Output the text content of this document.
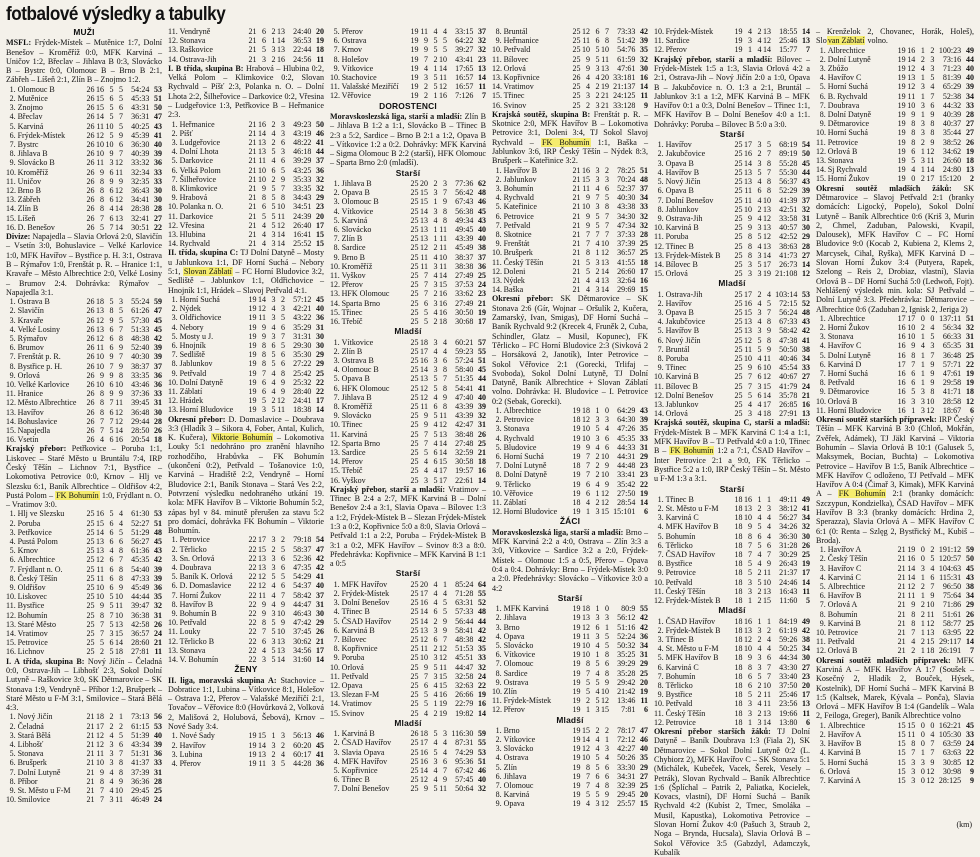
fotbalové výsledky a tabulky
MUŽI
MSFL: Frýdek-Místek – Mutěnice 1:7, Dolní Benešov – Kroměříž 0:0, MFK Karviná – Uničov 1:2, Břeclav – Jihlava B 0:3, Slovácko B – Bystrc 0:0, Olomouc B – Brno B 2:1, Zábřeh – Líšeň 2:1, Zlín B – Znojmo 1:2.
1.	Olomouc B	26	16	5	5	54:24	53
2.	Mutěnice	26	15	6	5	45:33	51
3.	Znojmo	26	15	5	6	43:31	50
4.	Břeclav	26	14	5	7	36:31	47
5.	Karviná	26	11	10	5	40:25	43
6.	Frýdek-Místek	26	12	5	9	45:39	41
7.	Bystrc	26	10	10	6	36:30	40
8.	Jihlava B	26	10	9	7	40:39	39
9.	Slovácko B	26	11	3	12	33:32	36
10.	Kroměříž	26	9	6	11	32:34	33
11.	Uničov	26	8	9	9	32:35	33
12.	Brno B	26	8	6	12	36:43	30
13.	Zábřeh	26	8	6	12	34:41	30
14.	Zlín B	26	8	4	14	28:38	28
15.	Líšeň	26	7	6	13	32:41	27
16.	D. Benešov	26	5	7	14	30:51	22
Divize: Napajedla – Slavia Orlová 2:0, Slavičín – Vsetín 3:0, Bohuslavice – Velké Karlovice 1:0, MFK Havířov – Bystřice p. H. 3:1, Ostrava B – Rýmařov 1:0, Frenštát p. R. – Hranice 1:1, Kravaře – Město Albrechtice 2:0, Velké Losiny – Brumov 2:4. Dohrávka: Rýmařov – Napajedla 3:1.
1.	Ostrava B	26	18	5	3	55:24	59
2.	Slavičín	26	13	8	5	61:26	47
3.	Kravaře	26	12	9	5	57:30	45
4.	Velké Losiny	26	13	6	7	51:33	45
5.	Rýmařov	26	12	6	8	48:38	42
6.	Brumov	26	11	6	9	52:40	39
7.	Frenštát p. R.	26	10	9	7	40:30	39
8.	Bystřice p. H.	26	10	7	9	38:37	37
9.	Orlová	26	9	9	8	33:35	36
10.	Velké Karlovice	26	10	6	10	43:46	36
11.	Hranice	26	8	9	9	37:36	33
12.	Město Albrechtice	26	8	7	11	39:45	31
13.	Havířov	26	8	6	12	36:48	30
14.	Bohuslavice	26	7	7	12	29:44	28
15.	Napajedla	26	7	5	14	28:50	26
16.	Vsetín	26	4	6	16	20:54	18
Krajský přebor: Petřkovice – Poruba 1:1, Liskovec – Staré Město u Bruntálu 7:4, IRP Český Těšín – Lichnov 7:1, Bystřice – Lokomotiva Petrovice 0:0, Krnov – Hlj ve Slezsku 6:1, Baník Albrechtice – Oldřišov 4:2, Pustá Polom – FK Bohumín 1:0, Frýdlant n. O. – Vratimov 3:0.
1.	Hlj ve Slezsku	25	16	5	4	61:30	53
2.	Poruba	25	15	6	4	52:27	51
3.	Petřkovice	25	14	6	5	51:29	48
4.	Pustá Polom	25	13	6	6	56:27	45
5.	Krnov	25	13	4	8	61:36	43
6.	Albrechtice	25	12	6	7	45:35	42
7.	Frýdlant n. O.	25	11	6	8	54:40	39
8.	Český Těšín	25	11	6	8	47:33	39
9.	Oldřišov	25	10	6	9	45:49	36
10.	Liskovec	25	10	5	10	44:44	35
11.	Bystřice	25	9	5	11	39:47	32
12.	Bohumín	25	8	7	10	36:38	31
13.	Staré Město	25	7	5	13	42:58	26
14.	Vratimov	25	7	3	15	36:57	24
15.	Petrovice	25	5	6	14	28:60	21
16.	Lichnov	25	2	5	18	27:81	11
I. A třída, skupina B: Nový Jičín – Čeladná 0:0, Ostrava-Jih – Libhošť 2:3, Sokol Dolní Lutyně – Raškovice 3:0, SK Dětmarovice – SK Stonava 1:9, Vendryně – Příbor 1:2, Brušperk – Staré Město u F-M 3:1, Smilovice – Stará Bělá 4:3.
1.	Nový Jičín	21	18	2	1	73:13	56
2.	Čeladná	21	17	2	2	61:15	53
3.	Stará Bělá	21	12	4	5	51:39	40
4.	Libhošť	21	12	3	6	43:34	39
5.	Stonava	21	11	3	7	51:31	36
6.	Brušperk	21	10	3	8	41:37	33
7.	Dolní Lutyně	21	9	4	8	37:39	31
8.	Příbor	21	8	4	9	36:36	28
9.	St. Město u F-M	21	7	4	10	29:45	25
10.	Smilovice	21	7	3	11	46:49	24
11.	Vendryně	21	6	2	13	24:40	20
12.	Stonava	21	6	1	14	36:53	19
13.	Raškovice	21	5	3	13	22:44	18
14.	Ostrava-Jih	21	3	2	16	24:56	11
I. B třída, skupina B: Hrabová – Hlubina 0:2, Velká Polom – Klimkovice 0:2, Slovan Rychvald – Píšť 2:3, Polanka n. O. – Dolní Lhota 2:2, Šilheřovice – Darkovice 0:2, Vřesina – Ludgeřovice 1:3, Petřkovice B – Heřmanice 2:3.
1.	Heřmanice	21	16	2	3	49:23	50
2.	Píšť	21	14	4	3	43:19	46
3.	Ludgeřovice	21	13	2	6	48:22	41
4.	Dolní Lhota	21	13	5	3	46:18	44
5.	Darkovice	21	11	4	6	39:29	37
6.	Velká Polom	21	10	6	5	43:25	36
7.	Šilheřovice	21	10	2	9	35:33	32
8.	Klimkovice	21	9	5	7	33:35	32
9.	Hrabová	21	8	5	8	34:43	29
10.	Polanka n. O.	21	6	5	10	34:51	23
11.	Darkovice	21	5	5	11	24:39	20
12.	Vřesina	21	4	5	12	26:40	17
13.	Hlubina	21	4	3	14	16:41	15
14.	Rychvald	21	4	3	14	25:52	15
II. třída, skupina C: TJ Dolní Datyně – Mosty u Jablunkova 1:1, DF Horní Suchá – Nebory 5:1, Slovan Záblatí – FC Horní Bludovice 3:2, Sedliště – Jablunkov 1:1, Oldřichovice – Hnojník 1:1, Hrádek – Slavoj Petřvald 4:1.
1.	Horní Suchá	19	14	3	2	57:12	45
2.	Nýdek	19	12	4	3	42:21	40
3.	Oldřichovice	19	11	3	5	43:22	36
4.	Nebory	19	9	4	6	35:29	31
5.	Mosty u J.	19	9	3	7	31:31	30
6.	Hnojník	19	8	6	5	29:30	30
7.	Sedliště	19	8	5	6	35:30	29
8.	Jablunkov	19	8	5	6	27:22	29
9.	Petřvald	19	7	4	8	25:42	25
10.	Dolní Datyně	19	6	4	9	25:32	22
11.	Záblatí	19	6	4	9	28:40	22
12.	Hrádek	19	5	2	12	24:41	17
13.	Horní Bludovice	19	3	5	11	18:38	14
Okresní přebor: D. Domaslavice – Doubrava 3:3 (Hladík 3 – Sikora 4, Fober, Antal, Kulich, K. Kučera), Viktorie Bohumín – Lokomotiva Louky 5:1 nedohráno pro zranění hlavního rozhodčího, Hrabůvka – FK Bohumín (ukončení 0:2), Petřvald – Tošanovice 1:0, Karviná – Hradiště 2:2, Vendryně – Horní Bludovice 2:1, Baník Stonava – Stará Ves 2:2, Potvrzení výsledku nedohraného utkání 19. kola: MFK Havířov B – Viktorie Bohumín 5:2, zápas byl v 84. minutě přerušen za stavu 5:2 pro domácí, dohrávka FK Bohumín – Viktorie Bohumín.
1.	Petrovice	22	17	3	2	79:18	54
2.	Těrlicko	22	15	2	5	58:37	47
3.	Sn. Orlová	22	13	3	6	52:36	42
4.	Doubrava	22	13	3	6	47:35	42
5.	Baník K. Orlová	22	12	5	5	54:29	41
6.	D. Domaslavice	22	12	4	6	54:37	40
7.	Horní Žukov	22	11	4	7	58:42	37
8.	Havířov B	22	9	4	9	44:47	31
9.	Bohumín B	22	9	3	10	46:43	30
10.	Petřvald	22	8	5	9	47:42	29
11.	Louky	22	7	5	10	37:45	26
12.	Těrlicko B	22	6	3	13	30:62	21
13.	Stonava	22	4	5	13	34:56	17
14.	V. Bohumín	22	3	5	14	31:60	14
ŽENY
II. liga, moravská skupina A: Stachovice – Dobratice 1:1, Lubina – Vítkovice 8:1, Holešov – Ostrava 1:2, Přerov – Valašské Meziříčí 2:1, Tovačov – Věřovice 8:0 (Hovůrková 2, Volková 2, Mališová 2, Holubová, Šebová), Krnov – Nové Sady 3:4.
1.	Nové Sady	19	15	1	3	56:13	46
2.	Havířov	19	14	3	2	60:20	45
3.	Lubina	19	13	2	4	60:17	41
4.	Přerov	19	11	3	5	44:28	36
5.	Přerov	19	11	4	4	33:15	37
6.	Ostrava	19	9	5	5	64:22	32
7.	Krnov	19	9	5	5	39:27	32
8.	Holešov	19	7	2	10	43:41	23
9.	Vítkovice	19	4	1	14	17:65	13
10.	Stachovice	19	3	5	11	16:57	14
11.	Valašské Meziříčí	19	2	5	12	16:57	11
12.	Věřovice	19	2	1	16	7:126	7
DOROSTENCI
Moravskoslezská liga, starší a mladší: Zlín B – Jihlava B 1:2 a 1:1, Slovácko B – Třinec B 2:3 a 5:2, Sardice – Brno B 2:1 a 1:2, Opava B – Vítkovice 1:2 a 0:2. Dohrávky: MFK Karviná – Sigma Olomouc B 2:2 (starší), HFK Olomouc – Sparta Brno 2:0 (mladší).
Starší
1.	Jihlava B	25	20	2	3	77:36	62
2.	Opava B	25	15	3	7	56:42	48
3.	Olomouc B	25	15	1	9	67:43	46
4.	Vítkovice	25	14	3	8	56:38	45
5.	Karviná	25	13	4	8	49:34	43
6.	Slovácko	25	13	1	11	49:45	40
7.	Zlín B	25	13	1	11	43:39	40
8.	Sardice	25	12	2	11	45:49	38
9.	Brno B	25	11	4	10	38:37	37
10.	Kroměříž	25	11	3	11	38:38	36
11.	Vyškov	25	7	4	14	27:49	25
12.	Přerov	25	7	3	15	37:53	24
13.	HFK Olomouc	25	7	2	16	33:62	23
14.	Sparta Brno	25	6	3	16	27:49	21
15.	Třinec	25	5	4	16	30:50	19
16.	Třebíč	25	5	2	18	30:68	17
Mladší
1.	Vítkovice	25	18	3	4	60:21	57
2.	Zlín B	25	17	4	4	59:23	55
3.	Ostrava B	25	16	3	6	57:24	51
4.	Olomouc B	25	14	3	8	58:40	45
5.	Opava B	25	13	5	7	51:35	44
6.	HFK Olomouc	25	12	5	8	54:41	41
7.	Jihlava B	25	12	4	9	47:40	40
8.	Kroměříž	25	11	6	8	43:39	39
9.	Slovácko	25	9	5	11	43:39	32
10.	Třinec	25	9	4	12	42:47	31
11.	Karviná	25	7	5	13	38:48	26
12.	Sparta Brno	25	7	4	14	27:48	25
13.	Sardice	25	5	6	14	32:59	21
14.	Přerov	25	4	6	15	30:58	18
15.	Třebíč	25	4	4	17	19:57	16
16.	Vyškov	25	3	5	17	22:61	14
Krajský přebor, starší a mladší: Vratimov – Třinec B 2:4 a 2:7, MFK Karviná B – Dolní Benešov 2:4 a 3:1, Slavia Opava – Bílovec 1:3 a 1:2, Frýdek-Místek B – Slezan Frýdek-Místek 1:3 a 0:2, Kopřivnice 5:0 a 8:0, Slavia Orlová – Petřvald 1:1 a 2:2, Poruba – Frýdek-Místek B 3:1 a 0:2, MFK Havířov – Svinov 8:3 a 8:0. Předehrávka: Kopřivnice – MFK Karviná B 1:1 a 0:5
Starší
1.	MFK Havířov	25	20	4	1	85:24	64
2.	Frýdek-Místek	25	17	4	4	71:28	55
3.	Dolní Benešov	25	16	4	5	63:31	52
4.	Třinec B	25	14	6	5	57:33	48
5.	ČSAD Havířov	25	14	2	9	56:44	44
6.	Karviná B	25	13	3	9	58:41	42
7.	Bílovec	25	12	6	7	48:38	42
8.	Kopřivnice	25	11	2	12	51:53	35
9.	Poruba	25	10	3	12	45:51	33
10.	Orlová	25	9	5	11	44:47	32
11.	Petřvald	25	7	3	15	32:58	24
12.	Opava	25	6	4	15	32:63	22
13.	Slezan F-M	25	5	4	16	26:66	19
14.	Vratimov	25	5	1	19	22:79	16
15.	Svinov	25	4	2	19	19:82	14
Mladší
1.	Karviná B	26	18	5	3	116:30	59
2.	ČSAD Havířov	25	17	4	4	87:31	55
3.	Slavia Opava	25	16	5	4	74:29	53
4.	MFK Havířov	25	16	3	6	95:36	51
5.	Kopřivnice	25	14	4	7	67:42	46
6.	Třinec B	25	12	4	9	57:45	40
7.	Dolní Benešov	25	9	5	11	50:64	32
8.	Bruntál	25	12	6	7	73:33	42
9.	Heřmanice	25	11	6	8	51:42	39
10.	Petřvald	25	10	5	10	54:76	35
11.	Bílovec	25	9	5	11	61:59	32
12.	Orlová	25	9	3	13	47:61	30
13.	Kopřivnice	26	4	4	20	33:181	16
14.	Vratimov	25	4	2	19	21:137	14
15.	Třinec	25	3	2	21	24:125	11
16.	Svinov	25	2	3	21	33:128	9
Krajská soutěž, skupina B: Frenštát p. R. – Skotnice 2:0, MFK Havířov B – Lokomotiva Petrovice 3:1, Doleni 3:4, TJ Sokol Slavoj Rychvald – FK Bohumín 1:1, Baška – Jablunkov 3:6, IRP Český Těšín – Nýdek 8:3, Brušperk – Kateřinice 3:2.
1.	Havířov B	21	16	3	2	78:25	51
2.	Jablunkov	21	15	3	3	70:24	48
3.	Bohumín	21	11	4	6	52:37	37
4.	Rychvald	21	9	7	5	40:30	34
5.	Kateřinice	21	10	3	8	43:38	33
6.	Petrovice	21	9	5	7	34:30	32
7.	Petřvald	21	9	5	7	47:34	32
8.	Skotnice	21	7	7	7	37:33	28
9.	Frenštát	21	7	4	10	37:39	25
10.	Brušperk	21	8	1	12	36:57	25
11.	Český Těšín	21	5	3	13	41:55	18
12.	Doleni	21	5	2	14	26:60	17
13.	Nýdek	21	4	4	13	32:64	16
14.	Baška	21	4	3	14	29:69	15
Okresní přebor: SK Dětmarovice – SK Stonava 2:6 (Gír, Wojnar – Oršulík 2, Kučera, Zamarský, Ivan, Smigas), DF Horní Suchá – Baník Rychvald 9:2 (Krecek 4, Fruněk 2, Cuba, Schindler, Glatz – Musil, Kopunec), FK Těrlicko – FC Horní Bludovice 2:3 (Sivková 2 – Horsáková 2, Janotík), Inter Petrovice – Sokol Věřovice 2:1 (Gorecki, Trlifaj – Svoboda), Sokol Dolní Lutyně, TJ Dolní Datyně, Baník Albrechtice + Slovan Záblatí volno. Dohrávka: H. Bludovice – I. Petrovice 0:2 (Sebak, Gorecki).
1.	Albrechtice	19	18	1	0	64:29	43
2.	Petrovice	18	12	3	3	64:30	39
3.	Stonava	19	10	5	4	47:26	35
4.	Rychvald	19	10	3	6	45:35	33
5.	Bludovice	19	9	4	6	44:33	31
6.	Horní Suchá	19	7	2	10	44:31	29
7.	Dolní Lutyně	18	7	2	9	44:48	23
8.	Dolní Datyně	19	7	2	10	33:41	23
9.	Těrlicko	19	6	4	9	35:42	22
10.	Věřovice	19	6	1	12	27:50	19
11.	Záblatí	18	4	2	12	28:54	14
12.	Horní Bludovice	19	1	3	15	15:101	6
ŽÁCI
Moravskoslezská liga, starší a mladší: Brno – MFK Karviná 2:2 a 4:0, Ostrava – Zlín 3:3 a 3:0, Vítkovice – Sardice 3:2 a 2:0, Frýdek-Místek – Olomouc 1:5 a 0:5, Přerov – Opava 0:4 a 0:4. Dohrávky: Brno – Frýdek-Místek 3:0 a 2:0. Předehrávky: Slovácko – Vítkovice 3:0 a 4:2
Starší
1.	MFK Karviná	19	18	1	0	80:9	55
2.	Jihlava	19	13	3	3	56:12	42
3.	Brno	19	12	6	1	51:16	42
4.	Opava	19	11	3	5	52:24	36
5.	Slovácko	19	10	4	5	50:32	34
6.	Vítkovice	19	10	1	8	35:25	31
7.	Olomouc	19	8	5	6	39:29	29
8.	Sardice	19	7	4	8	35:28	25
9.	Ostrava	19	5	5	9	29:42	20
10.	Zlín	19	5	4	10	21:42	19
11.	Frýdek-Místek	19	2	5	12	13:46	11
12.	Přerov	19	1	3	15	7:81	6
Mladší
1.	Brno	19	15	2	2	78:17	47
2.	Vítkovice	19	14	4	1	72:12	46
3.	Slovácko	19	12	4	3	42:27	40
4.	Ostrava	19	10	5	4	50:26	35
5.	Zlín	19	8	5	6	33:30	29
6.	Jihlava	19	7	6	6	34:31	27
7.	Olomouc	19	7	4	8	32:39	25
8.	Karviná	19	5	5	9	29:45	20
9.	Opava	19	4	3	12	25:57	15
10.	Frýdek-Místek	19	4	2	13	18:55	14
11.	Sardice	19	3	4	12	25:46	13
12.	Přerov	19	1	4	14	15:77	7
Krajský přebor, starší a mladší: Bílovec – Frýdek-Místek 1:5 a 1:3, Slavia Orlová 4:2 a 2:1, Ostrava-Jih – Nový Jičín 2:0 a 1:0, Opava B – Jakubčovice n. O. 1:3 a 2:1, Bruntál – Jablunkov 3:1 a 1:2, MFK Karviná B – MFK Havířov 0:1 a 0:3, Dolní Benešov – Třinec 1:1, MFK Havířov B – Dolní Benešov 4:0 a 1:1. Dohrávky: Poruba – Bílovec B 5:0 a 3:0.
Starší
1.	Havířov	25	17	3	5	68:19	54
2.	Jakubčovice	25	16	2	7	89:19	50
3.	Opava B	25	14	3	8	55:28	45
4.	Havířov B	25	13	5	7	55:30	44
5.	Nový Jičín	25	13	4	8	56:37	43
6.	Opava B	25	11	6	8	52:29	39
7.	Dolní Benešov	25	11	4	10	41:39	37
8.	Jablunkov	25	10	2	13	42:51	32
9.	Ostrava-Jih	25	9	4	12	33:58	31
10.	Karviná B	25	9	3	13	40:57	30
11.	Poruba	25	8	5	12	42:52	29
12.	Třinec B	25	8	4	13	38:63	28
13.	Frýdek-Místek B	25	8	3	14	41:73	27
14.	Bílovec B	25	3	5	17	26:73	14
15.	Orlová	25	3	3	19	21:108	12
Mladší
1.	Ostrava-Jih	25	17	2	4	103:14	53
2.	Havířov	25	16	4	5	72:15	52
3.	Opava B	25	15	3	7	56:24	48
4.	Jakubčovice	25	13	4	8	67:33	43
5.	Havířov B	25	13	3	9	58:42	42
6.	Nový Jičín	25	12	5	8	47:38	41
7.	Bruntál	25	11	5	9	50:50	38
8.	Poruba	25	10	4	11	40:46	34
9.	Třinec	25	9	6	10	45:54	33
10.	Karviná B	25	7	6	12	40:67	27
11.	Bílovec B	25	7	3	15	41:79	24
12.	Dolní Benešov	25	5	6	14	35:78	21
13.	Jablunkov	25	4	4	17	26:85	16
14.	Orlová	25	3	4	18	27:91	13
Krajská soutěž, skupina C, starší a mladší: Frýdek-Místek B – MFK Karviná C 1:4 a 1:1, MFK Havířov B – TJ Petřvald 4:0 a 1:0, Třinec B – FK Bohumín 1:2 a 7:1, ČSAD Havířov – Inter Petrovice 2:1 a 9:0, FK Těrlicko – Bystřice 5:2 a 1:0, IRP Český Těšín – St. Město u F-M 1:3 a 3:1.
Starší
1.	Třinec B	18	16	1	1	49:11	49
2.	St. Město u F-M	18	13	2	3	38:12	41
3.	Karviná C	18	10	4	4	56:27	34
4.	MFK Havířov B	18	9	5	4	34:26	32
5.	Bohumín	18	8	6	4	36:30	30
6.	Těrlicko	18	7	5	6	31:28	26
7.	ČSAD Havířov	18	7	4	7	30:29	25
8.	Bystřice	18	5	4	9	26:43	19
9.	Petrovice	18	5	2	11	21:37	17
10.	Petřvald	18	3	5	10	24:46	14
11.	Český Těšín	18	3	2	13	16:43	11
12.	Frýdek-Místek B	18	1	2	15	11:60	5
Mladší
1.	ČSAD Havířov	18	16	1	1	84:19	49
2.	Frýdek-Místek B	18	13	3	2	61:19	42
3.	Třinec B	18	12	2	4	59:26	38
4.	St. Město u F-M	18	10	4	4	50:25	34
5.	MFK Havířov B	18	9	3	6	44:34	30
6.	Karviná C	18	8	3	7	43:30	27
7.	Bohumín	18	6	5	7	33:40	23
8.	Těrlicko	18	6	2	10	37:50	20
9.	Bystřice	18	5	2	11	25:46	17
10.	Petřvald	18	3	4	11	23:56	13
11.	Český Těšín	18	3	2	13	19:66	11
12.	Petrovice	18	1	3	14	13:80	6
Okresní přebor starších žáků: TJ Dolní Datyně – Baník Doubrava 1:3 (Fiala 2), SK Dětmarovice – Sokol Dolní Lutyně 0:2 (L. Chybiorz 2), MFK Havířov C – SK Stonava 5:1 (Michálek, Kubeček, Vacek, Šerek, Vesely – Petrák), Slovan Rychvald – Baník Albrechtice 1:6 (Šplíchal – Patrik 2, Paliatka, Kocielek, Kovacs, vlastní), DF Horní Suchá – Baník Rychvald 4:2 (Kubíst 2, Trnec, Smoláka – Musil, Kapustka), Lokomotiva Petrovice – Slovan Horní Žukov 4:0 (Pašuch 3, Straub 2, Noga – Brynda, Hucsala), Slavia Orlová B – Sokol Věřovice 3:5 (Gabzdyl, Adamczyk, Kubalík
– Krenželok 2, Chovanec, Horák, Holeš), Slovan Záblatí volno.
1.	Albrechtice	19	16	1	2	100:23	49
2.	Dolní Lutyně	19	14	2	3	73:16	44
3.	Zbůžo	19	12	4	3	71:23	40
4.	Havířov C	19	13	1	5	81:39	40
5.	Horní Suchá	19	12	3	4	65:29	39
6.	B. Rychvald	19	11	1	7	52:38	34
7.	Doubrava	19	10	3	6	44:32	33
8.	Dolní Datyně	19	9	1	9	40:39	28
9.	Dětmarovice	19	8	3	8	40:37	27
10.	Horní Suchá	19	8	3	8	35:44	27
11.	Petrovice	19	8	2	9	38:52	26
12.	Orlová B	19	6	1	12	34:62	19
13.	Stonava	19	5	3	11	26:60	18
14.	Sj Rychvald	19	4	1	14	24:80	13
15.	Horní Žukov	19	0	2	17	15:120	2
Okresní soutěž mladších žáků: SK Dětmarovice – Slavoj Petřvald 2:1 (branky domácích: Ligocký, Popelo), Sokol Dolní Lutyně – Baník Albrechtice 0:6 (Kriš 3, Murin 2, Chmel, Zaduban, Palowski, Kvapil, Dalousek), MFK Havířov C – FC Horní Bludovice 9:0 (Kocab 2, Kubiena 2, Klems 2, Marcysek, Cihal, Ryška), MFK Karviná D – Slovan Horní Žukov 3:4 (Putyera, Rapek, Szelong – Reis 2, Drobiaz, vlastní), Slavia Orlová B – DF Horní Suchá 5:0 (Ledwoň, Fojt). Nehlášený výsledek min. kola: SJ Petřvald – Dolní Lutyně 3:3. Předehrávka: Dětmarovice – Albrechtice 0:6 (Zaduban 2, Ignisk 2, Jeriga 2)
1.	Albrechtice	17	17	0	0	137:11	51
2.	Horní Žukov	16	10	2	4	56:34	32
3.	Stonava	16	10	1	5	66:33	31
4.	Havířov C	16	9	4	3	65:35	31
5.	Dolní Lutyně	16	8	1	7	36:48	25
6.	Karviná D	17	7	1	9	57:71	22
7.	Horní Suchá	16	6	1	9	47:61	19
8.	Petřvald	16	6	1	9	29:58	19
9.	Dětmarovice	16	5	3	8	41:71	18
10.	Orlová B	16	3	3	10	28:58	12
11.	Horní Bludovice	16	1	3	12	18:67	6
Okresní soutěž starších přípravek: IRP Český Těšín – MFK Karviná B 3:0 (Chloň, Mokřán, Zvěřek, Adámek), TJ Jäkl Karviná – Viktoria Bohumín – Slavia Orlová B 10:1 (Galusek 5, Maksymek, Bocian, Buchta) – Lokomotiva Petrovice – Havířov B 1:5, Baník Albrechtice – MFK Havířov C odloženo, TJ Petřvald – MFK Havířov A 0:4 (Čimař 3, Kimak), MFK Karviná A – FK Bohumín 2:1 (branky domácích: Szczypun, Kondzielka), ČSAD Havířov – MFK Havířov B 3:3 (branky domácích: Hrdina 2, Sperazza), Slavia Orlová A – MFK Havířov C 6:1 (0: Renta – Szlęg 2, Bystřický M., Kubiš – Broda).
1.	Havířov A	21	19	0	2	191:12	59
2.	Český Těšín	21	16	0	5	120:57	50
3.	Havířov C	21	14	3	4	104:63	45
4.	Karviná C	21	14	1	6	115:31	43
5.	Albrechtice	21	12	2	7	96:50	38
6.	Havířov B	21	11	1	9	75:64	34
7.	Orlová A	21	9	2	10	71:86	29
8.	Bohumín	21	8	2	11	51:61	26
9.	Karviná B	21	8	1	12	58:77	25
10.	Petrovice	21	7	1	13	63:95	22
11.	Petřvald	21	4	2	15	29:117	14
12.	Orlová B	21	2	1	18	26:191	7
Okresní soutěž mladších přípravek: MFK Karviná A – MFK Havířov A 1:7 (Soušek – Kosečný 2, Hladík 2, Bouček, Hýsek, Kostelník), DF Horní Suchá – MFK Karviná B 1:5 (Kaltsek, Marek, Kývala – Ponča), Slavia Orlová – MFK Havířov B 1:4 (Gandelík – Wala 2, Feiloga, Greger), Baník Albrechtice volno
1.	Albrechtice	15	15	0	0	162:21	45
2.	Havířov A	15	11	0	4	105:30	33
3.	Havířov B	15	8	0	7	63:59	24
4.	Karviná B	15	7	1	7	63:63	22
5.	Horní Suchá	15	3	3	9	30:85	12
6.	Orlová	15	3	0	12	30:98	9
7.	Karviná A	15	3	0	12	28:125	9
(km)
